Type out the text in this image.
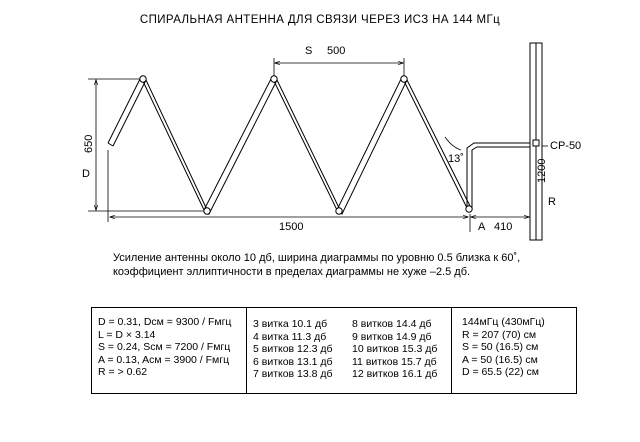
СПИРАЛЬНАЯ АНТЕННА ДЛЯ СВЯЗИ ЧЕРЕЗ ИСЗ НА 144 МГц
S 500
650
D
1500	A 410
13˚
CP-50
1200
R
Усиление антенны около 10 дб, ширина диаграммы по уровню 0.5 близка к 60˚,
коэффициент эллиптичности в пределах диаграммы не хуже –2.5 дб.
D = 0.31, Dсм = 9300 / Fмгц
L = D × 3.14
S = 0.24, Sсм = 7200 / Fмгц
A = 0.13, Aсм = 3900 / Fмгц
R = > 0.62
3 витка 10.1 дб
4 витка 11.3 дб
5 витков 12.3 дб
6 витков 13.1 дб
7 витков 13.8 дб
8 витков 14.4 дб
9 витков 14.9 дб
10 витков 15.3 дб
11 витков 15.7 дб
12 витков 16.1 дб
144мГц (430мГц)
R = 207 (70) см
S = 50 (16.5) см
A = 50 (16.5) см
D = 65.5 (22) см
